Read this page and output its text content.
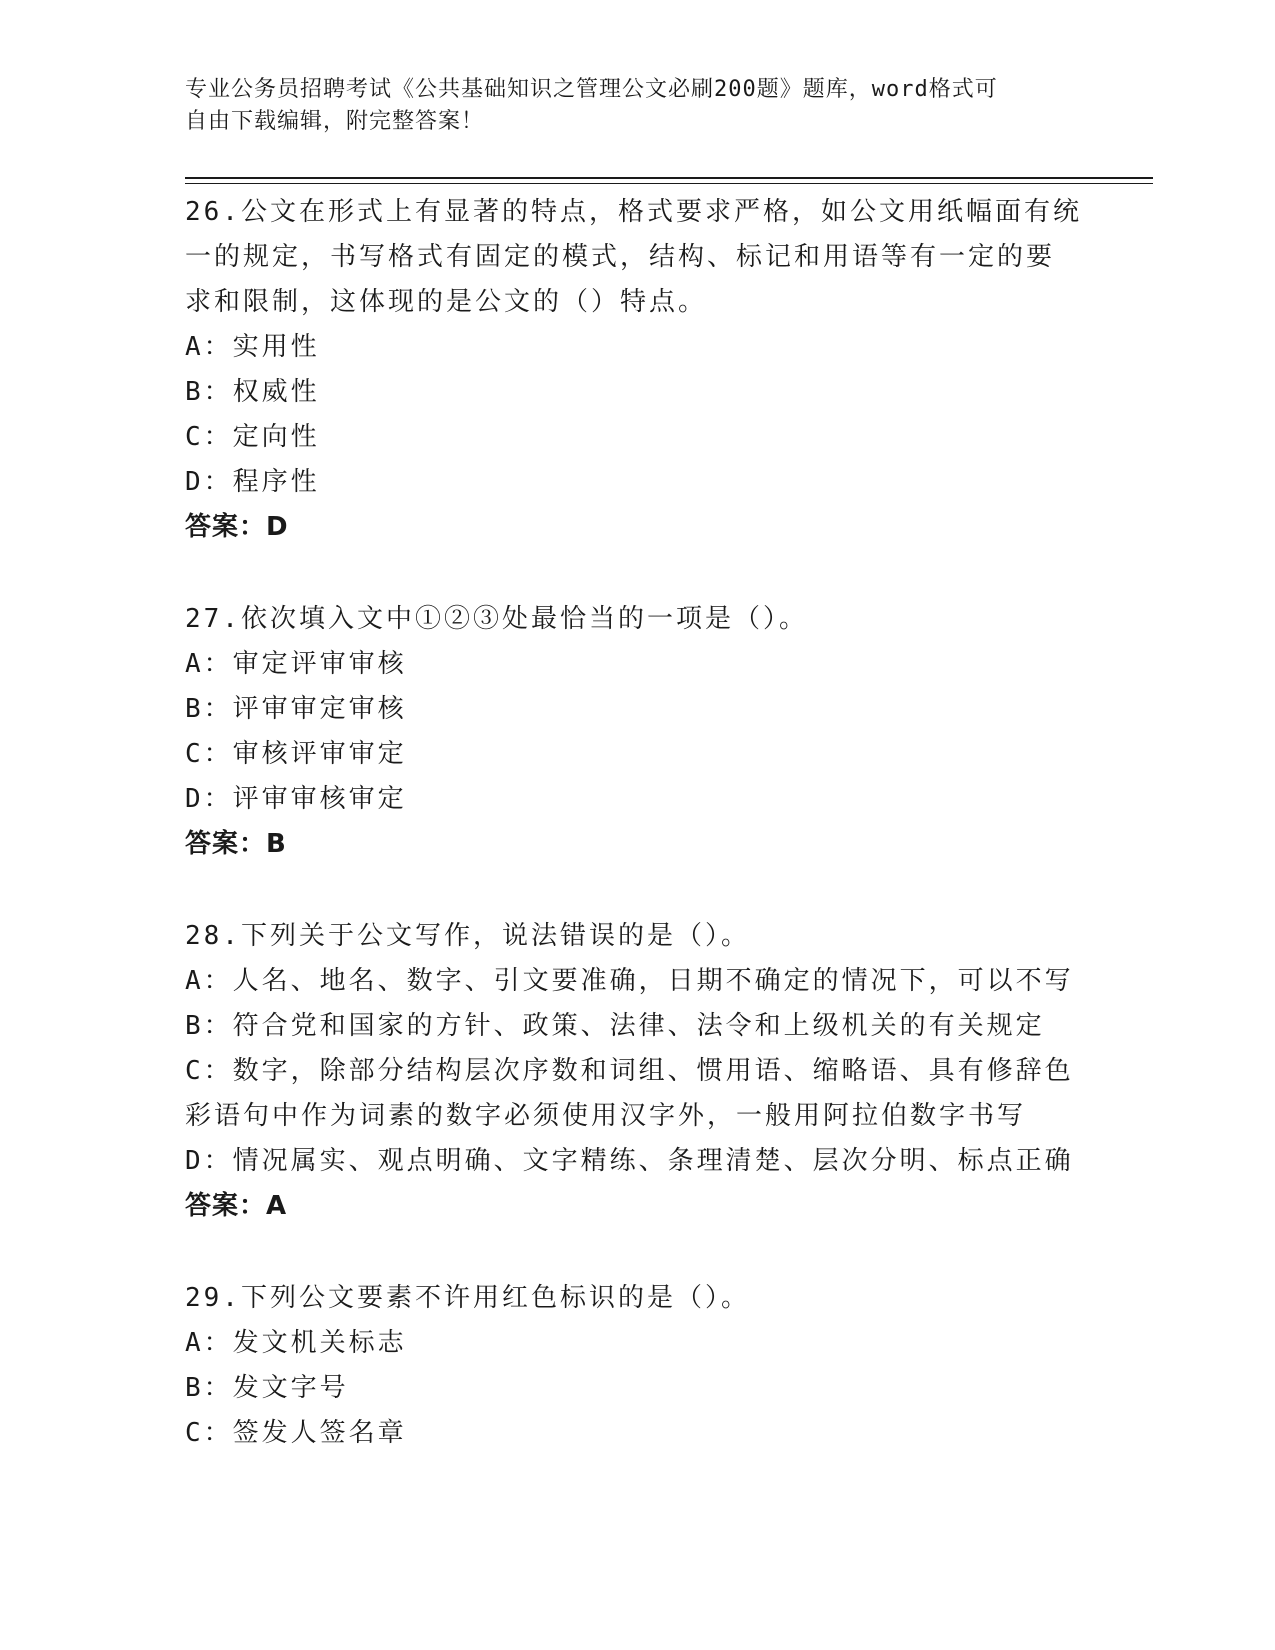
专业公务员招聘考试《公共基础知识之管理公文必刷200题》题库，word格式可
自由下载编辑，附完整答案！
26.公文在形式上有显著的特点，格式要求严格，如公文用纸幅面有统
一的规定，书写格式有固定的模式，结构、标记和用语等有一定的要
求和限制，这体现的是公文的（）特点。
A：实用性
B：权威性
C：定向性
D：程序性
答案：D
27.依次填入文中①②③处最恰当的一项是（）。
A：审定评审审核
B：评审审定审核
C：审核评审审定
D：评审审核审定
答案：B
28.下列关于公文写作，说法错误的是（）。
A：人名、地名、数字、引文要准确，日期不确定的情况下，可以不写
B：符合党和国家的方针、政策、法律、法令和上级机关的有关规定
C：数字，除部分结构层次序数和词组、惯用语、缩略语、具有修辞色
彩语句中作为词素的数字必须使用汉字外，一般用阿拉伯数字书写
D：情况属实、观点明确、文字精练、条理清楚、层次分明、标点正确
答案：A
29.下列公文要素不许用红色标识的是（）。
A：发文机关标志
B：发文字号
C：签发人签名章
